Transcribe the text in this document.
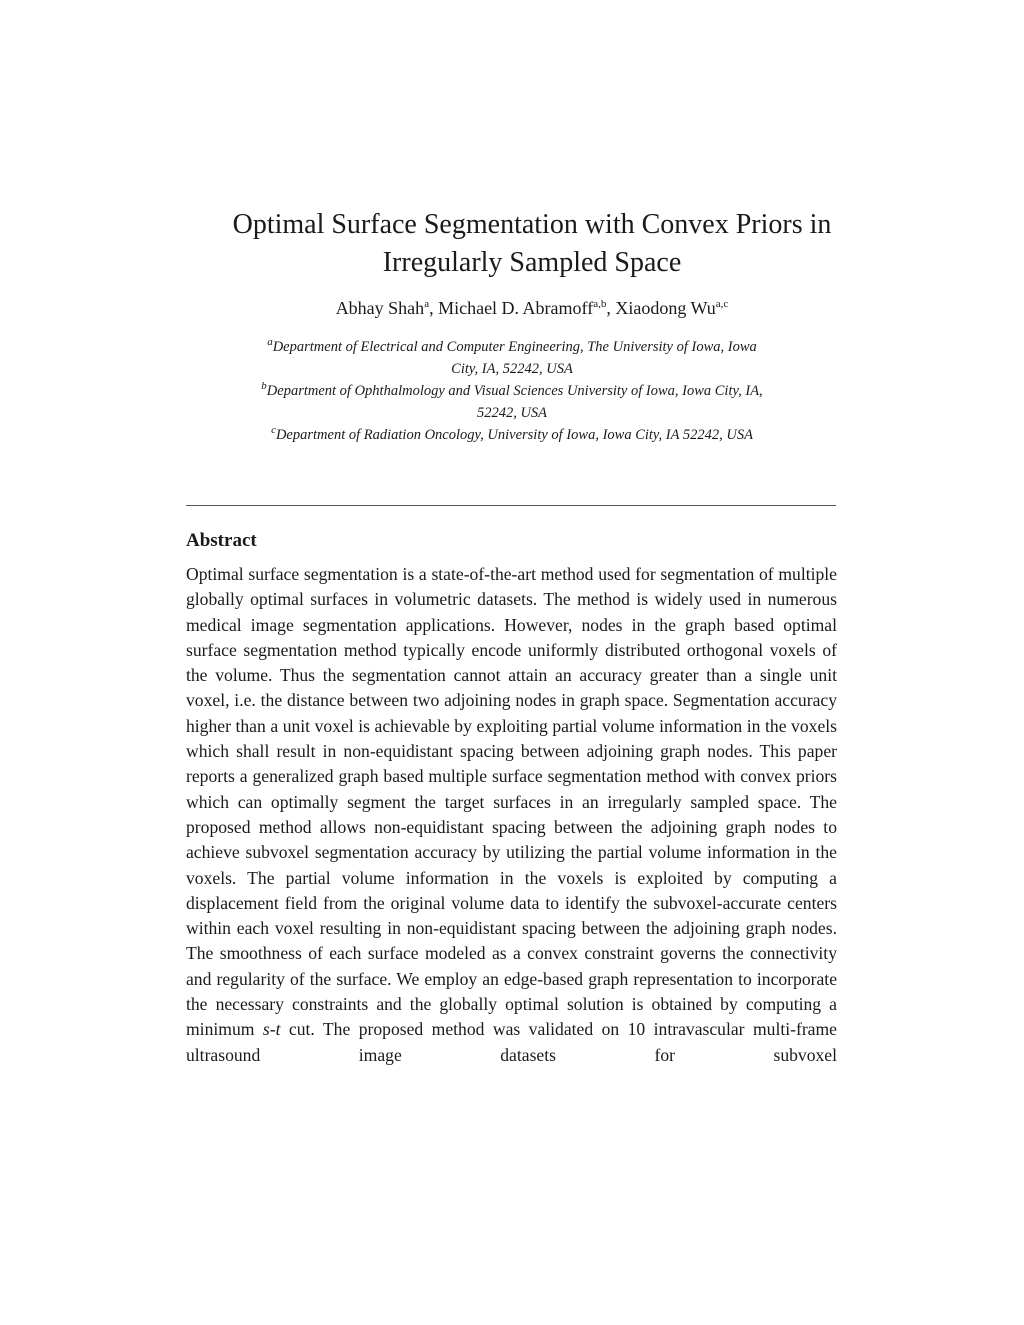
Optimal Surface Segmentation with Convex Priors in
Irregularly Sampled Space
Abhay Shah$^a$, Michael D. Abramoff$^{a,b}$, Xiaodong Wu$^{a,c}$

$^a$Department of Electrical and Computer Engineering, The University of Iowa, Iowa
City, IA, 52242, USA

$^b$Department of Ophthalmology and Visual Sciences University of Iowa, Iowa City, IA,
52242, USA

$^c$Department of Radiation Oncology, University of Iowa, Iowa City, IA 52242, USA

Abstract

Optimal surface segmentation is a state-of-the-art method used for segmentation of multiple globally optimal surfaces in volumetric datasets. The method is widely used in numerous medical image segmentation applications. However, nodes in the graph based optimal surface segmentation method typically encode uniformly distributed orthogonal voxels of the volume. Thus the segmentation cannot attain an accuracy greater than a single unit voxel, i.e. the distance between two adjoining nodes in graph space. Segmentation accuracy higher than a unit voxel is achievable by exploiting partial volume information in the voxels which shall result in non-equidistant spacing between adjoining graph nodes. This paper reports a generalized graph based multiple surface segmentation method with convex priors which can optimally segment the target surfaces in an irregularly sampled space. The proposed method allows non-equidistant spacing between the adjoining graph nodes to achieve subvoxel segmentation accuracy by utilizing the partial volume information in the voxels. The partial volume information in the voxels is exploited by computing a displacement field from the original volume data to identify the subvoxel-accurate centers within each voxel resulting in non-equidistant spacing between the adjoining graph nodes. The smoothness of each surface modeled as a convex constraint governs the connectivity and regularity of the surface. We employ an edge-based graph representation to incorporate the necessary constraints and the globally optimal solution is obtained by computing a minimum s-t cut. The proposed method was validated on 10 intravascular multi-frame ultrasound image datasets for subvoxel
